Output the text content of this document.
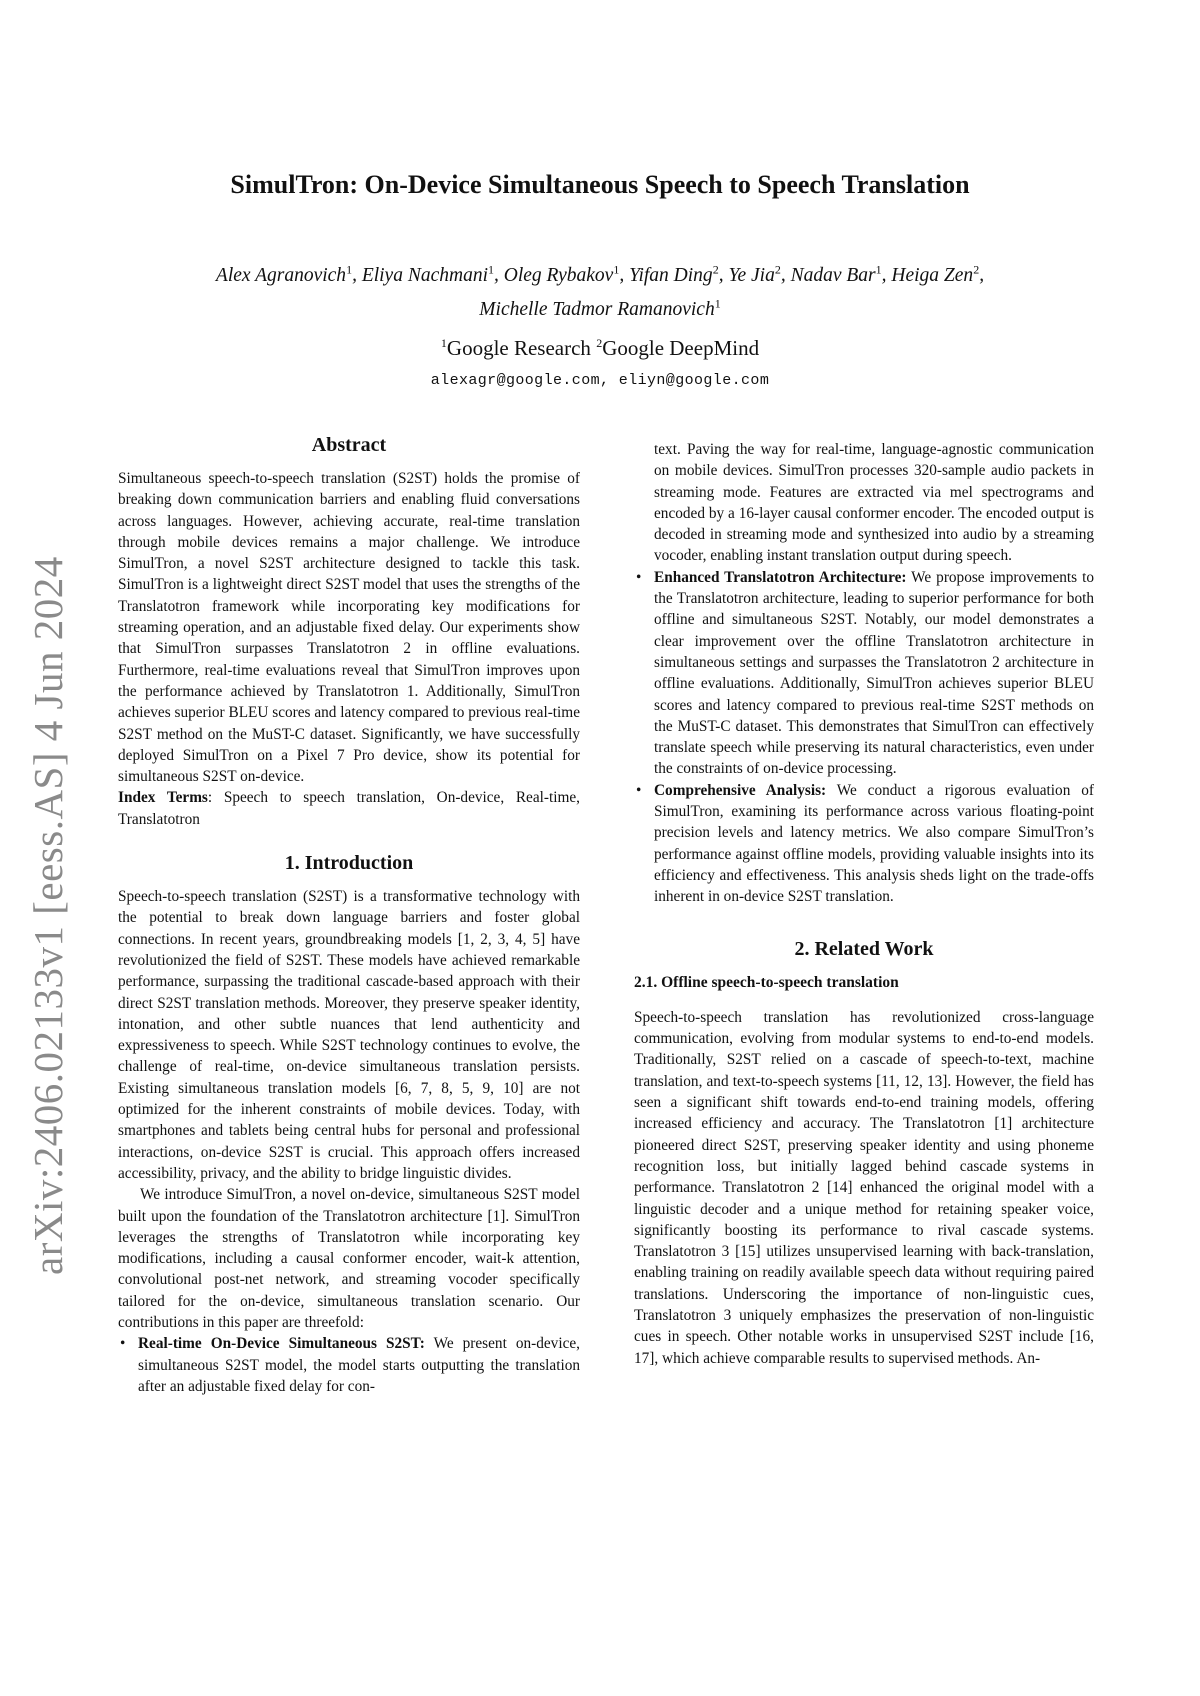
arXiv:2406.02133v1 [eess.AS] 4 Jun 2024
SimulTron: On-Device Simultaneous Speech to Speech Translation
Alex Agranovich$^1$, Eliya Nachmani$^1$, Oleg Rybakov$^1$, Yifan Ding$^2$, Ye Jia$^2$, Nadav Bar$^1$, Heiga Zen$^2$,
Michelle Tadmor Ramanovich$^1$
$^1$Google Research $^2$Google DeepMind
alexagr@google.com, eliyn@google.com
Abstract

Simultaneous speech-to-speech translation (S2ST) holds the promise of breaking down communication barriers and enabling fluid conversations across languages. However, achieving accurate, real-time translation through mobile devices remains a major challenge. We introduce SimulTron, a novel S2ST architecture designed to tackle this task. SimulTron is a lightweight direct S2ST model that uses the strengths of the Translatotron framework while incorporating key modifications for streaming operation, and an adjustable fixed delay. Our experiments show that SimulTron surpasses Translatotron 2 in offline evaluations. Furthermore, real-time evaluations reveal that SimulTron improves upon the performance achieved by Translatotron 1. Additionally, SimulTron achieves superior BLEU scores and latency compared to previous real-time S2ST method on the MuST-C dataset. Significantly, we have successfully deployed SimulTron on a Pixel 7 Pro device, show its potential for simultaneous S2ST on-device.

Index Terms: Speech to speech translation, On-device, Real-time, Translatotron

1. Introduction

Speech-to-speech translation (S2ST) is a transformative technology with the potential to break down language barriers and foster global connections. In recent years, groundbreaking models [1, 2, 3, 4, 5] have revolutionized the field of S2ST. These models have achieved remarkable performance, surpassing the traditional cascade-based approach with their direct S2ST translation methods. Moreover, they preserve speaker identity, intonation, and other subtle nuances that lend authenticity and expressiveness to speech. While S2ST technology continues to evolve, the challenge of real-time, on-device simultaneous translation persists. Existing simultaneous translation models [6, 7, 8, 5, 9, 10] are not optimized for the inherent constraints of mobile devices. Today, with smartphones and tablets being central hubs for personal and professional interactions, on-device S2ST is crucial. This approach offers increased accessibility, privacy, and the ability to bridge linguistic divides.

We introduce SimulTron, a novel on-device, simultaneous S2ST model built upon the foundation of the Translatotron architecture [1]. SimulTron leverages the strengths of Translatotron while incorporating key modifications, including a causal conformer encoder, wait-k attention, convolutional post-net network, and streaming vocoder specifically tailored for the on-device, simultaneous translation scenario. Our contributions in this paper are threefold:

• Real-time On-Device Simultaneous S2ST: We present on-device, simultaneous S2ST model, the model starts outputting the translation after an adjustable fixed delay for con-
text. Paving the way for real-time, language-agnostic communication on mobile devices. SimulTron processes 320-sample audio packets in streaming mode. Features are extracted via mel spectrograms and encoded by a 16-layer causal conformer encoder. The encoded output is decoded in streaming mode and synthesized into audio by a streaming vocoder, enabling instant translation output during speech.
• Enhanced Translatotron Architecture: We propose improvements to the Translatotron architecture, leading to superior performance for both offline and simultaneous S2ST. Notably, our model demonstrates a clear improvement over the offline Translatotron architecture in simultaneous settings and surpasses the Translatotron 2 architecture in offline evaluations. Additionally, SimulTron achieves superior BLEU scores and latency compared to previous real-time S2ST methods on the MuST-C dataset. This demonstrates that SimulTron can effectively translate speech while preserving its natural characteristics, even under the constraints of on-device processing.
• Comprehensive Analysis: We conduct a rigorous evaluation of SimulTron, examining its performance across various floating-point precision levels and latency metrics. We also compare SimulTron’s performance against offline models, providing valuable insights into its efficiency and effectiveness. This analysis sheds light on the trade-offs inherent in on-device S2ST translation.
2. Related Work
2.1. Offline speech-to-speech translation

Speech-to-speech translation has revolutionized cross-language communication, evolving from modular systems to end-to-end models. Traditionally, S2ST relied on a cascade of speech-to-text, machine translation, and text-to-speech systems [11, 12, 13]. However, the field has seen a significant shift towards end-to-end training models, offering increased efficiency and accuracy. The Translatotron [1] architecture pioneered direct S2ST, preserving speaker identity and using phoneme recognition loss, but initially lagged behind cascade systems in performance. Translatotron 2 [14] enhanced the original model with a linguistic decoder and a unique method for retaining speaker voice, significantly boosting its performance to rival cascade systems. Translatotron 3 [15] utilizes unsupervised learning with back-translation, enabling training on readily available speech data without requiring paired translations. Underscoring the importance of non-linguistic cues, Translatotron 3 uniquely emphasizes the preservation of non-linguistic cues in speech. Other notable works in unsupervised S2ST include [16, 17], which achieve comparable results to supervised methods. An-
